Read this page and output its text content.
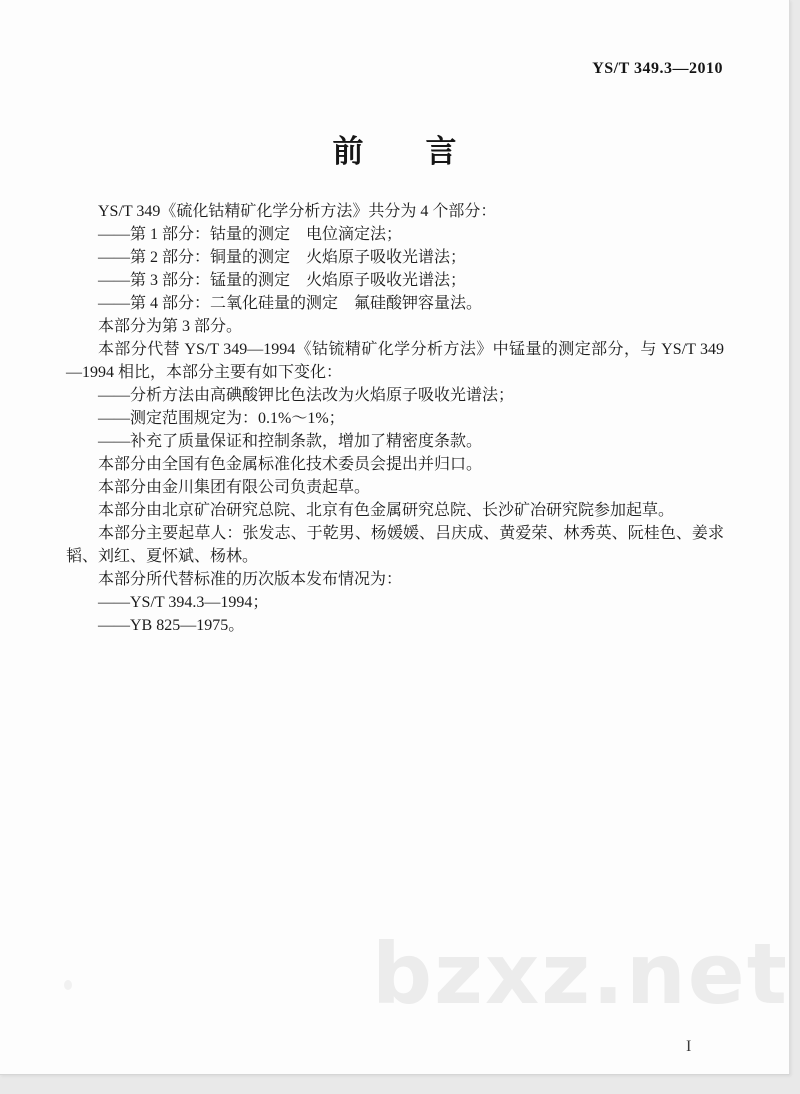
YS/T 349.3—2010
前　　言

YS/T 349《硫化钴精矿化学分析方法》共分为 4 个部分：

——第 1 部分：钴量的测定　电位滴定法；

——第 2 部分：铜量的测定　火焰原子吸收光谱法；

——第 3 部分：锰量的测定　火焰原子吸收光谱法；

——第 4 部分：二氧化硅量的测定　氟硅酸钾容量法。

本部分为第 3 部分。

本部分代替 YS/T 349—1994《钴锍精矿化学分析方法》中锰量的测定部分，与 YS/T 349—1994 相比，本部分主要有如下变化：

——分析方法由高碘酸钾比色法改为火焰原子吸收光谱法；

——测定范围规定为：0.1%～1%；

——补充了质量保证和控制条款，增加了精密度条款。

本部分由全国有色金属标准化技术委员会提出并归口。

本部分由金川集团有限公司负责起草。

本部分由北京矿冶研究总院、北京有色金属研究总院、长沙矿冶研究院参加起草。

本部分主要起草人：张发志、于乾男、杨媛媛、吕庆成、黄爱荣、林秀英、阮桂色、姜求韬、刘红、夏怀斌、杨林。

本部分所代替标准的历次版本发布情况为：

——YS/T 394.3—1994；

——YB 825—1975。

bzxz.net
I
